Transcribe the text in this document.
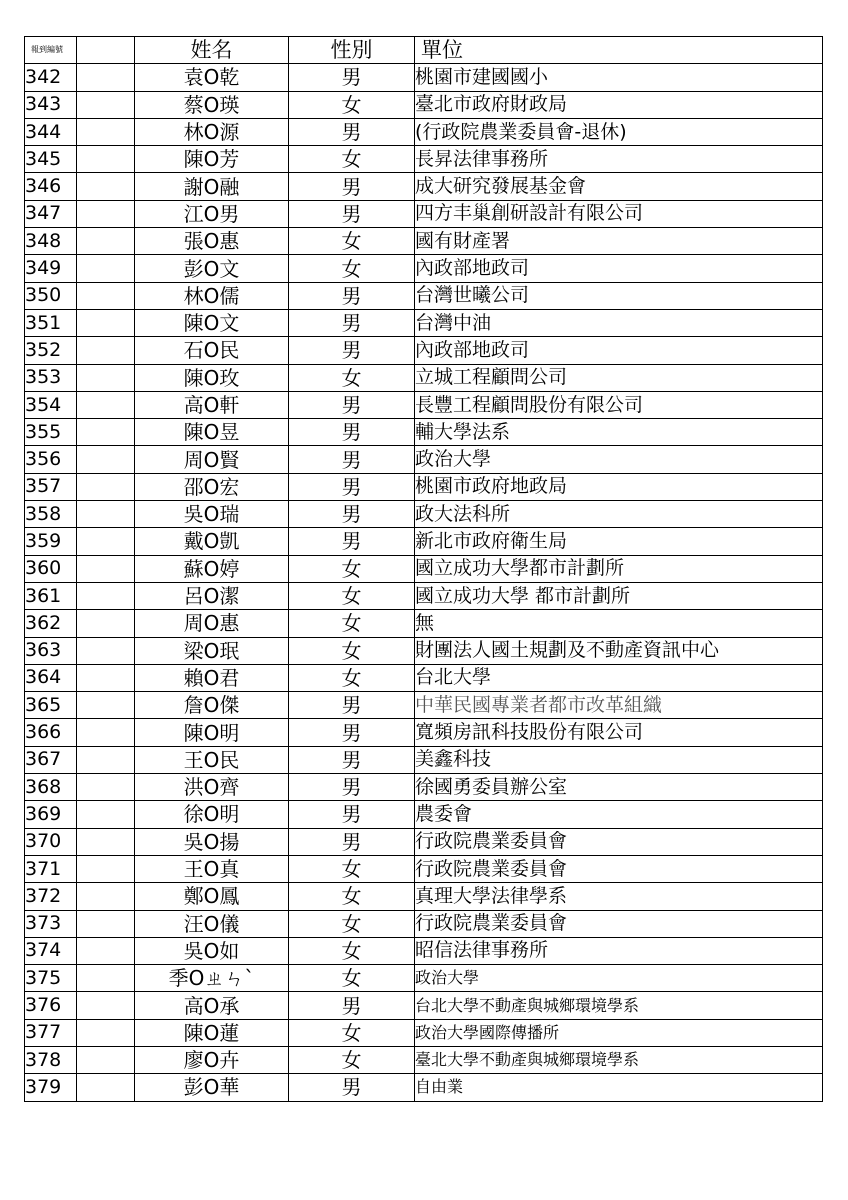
報到編號		姓名	性別	單位
342		袁O乾	男	桃園市建國國小
343		蔡O瑛	女	臺北市政府財政局
344		林O源	男	(行政院農業委員會-退休)
345		陳O芳	女	長昇法律事務所
346		謝O融	男	成大研究發展基金會
347		江O男	男	四方丰巢創研設計有限公司
348		張O惠	女	國有財產署
349		彭O文	女	內政部地政司
350		林O儒	男	台灣世曦公司
351		陳O文	男	台灣中油
352		石O民	男	內政部地政司
353		陳O玫	女	立城工程顧問公司
354		高O軒	男	長豐工程顧問股份有限公司
355		陳O昱	男	輔大學法系
356		周O賢	男	政治大學
357		邵O宏	男	桃園市政府地政局
358		吳O瑞	男	政大法科所
359		戴O凱	男	新北市政府衛生局
360		蘇O婷	女	國立成功大學都市計劃所
361		呂O潔	女	國立成功大學 都市計劃所
362		周O惠	女	無
363		梁O珉	女	財團法人國土規劃及不動產資訊中心
364		賴O君	女	台北大學
365		詹O傑	男	中華民國專業者都市改革組織
366		陳O明	男	寬頻房訊科技股份有限公司
367		王O民	男	美鑫科技
368		洪O齊	男	徐國勇委員辦公室
369		徐O明	男	農委會
370		吳O揚	男	行政院農業委員會
371		王O真	女	行政院農業委員會
372		鄭O鳳	女	真理大學法律學系
373		汪O儀	女	行政院農業委員會
374		吳O如	女	昭信法律事務所
375		季Oㄓㄣˋ	女	政治大學
376		高O承	男	台北大學不動產與城鄉環境學系
377		陳O蓮	女	政治大學國際傳播所
378		廖O卉	女	臺北大學不動產與城鄉環境學系
379		彭O華	男	自由業
